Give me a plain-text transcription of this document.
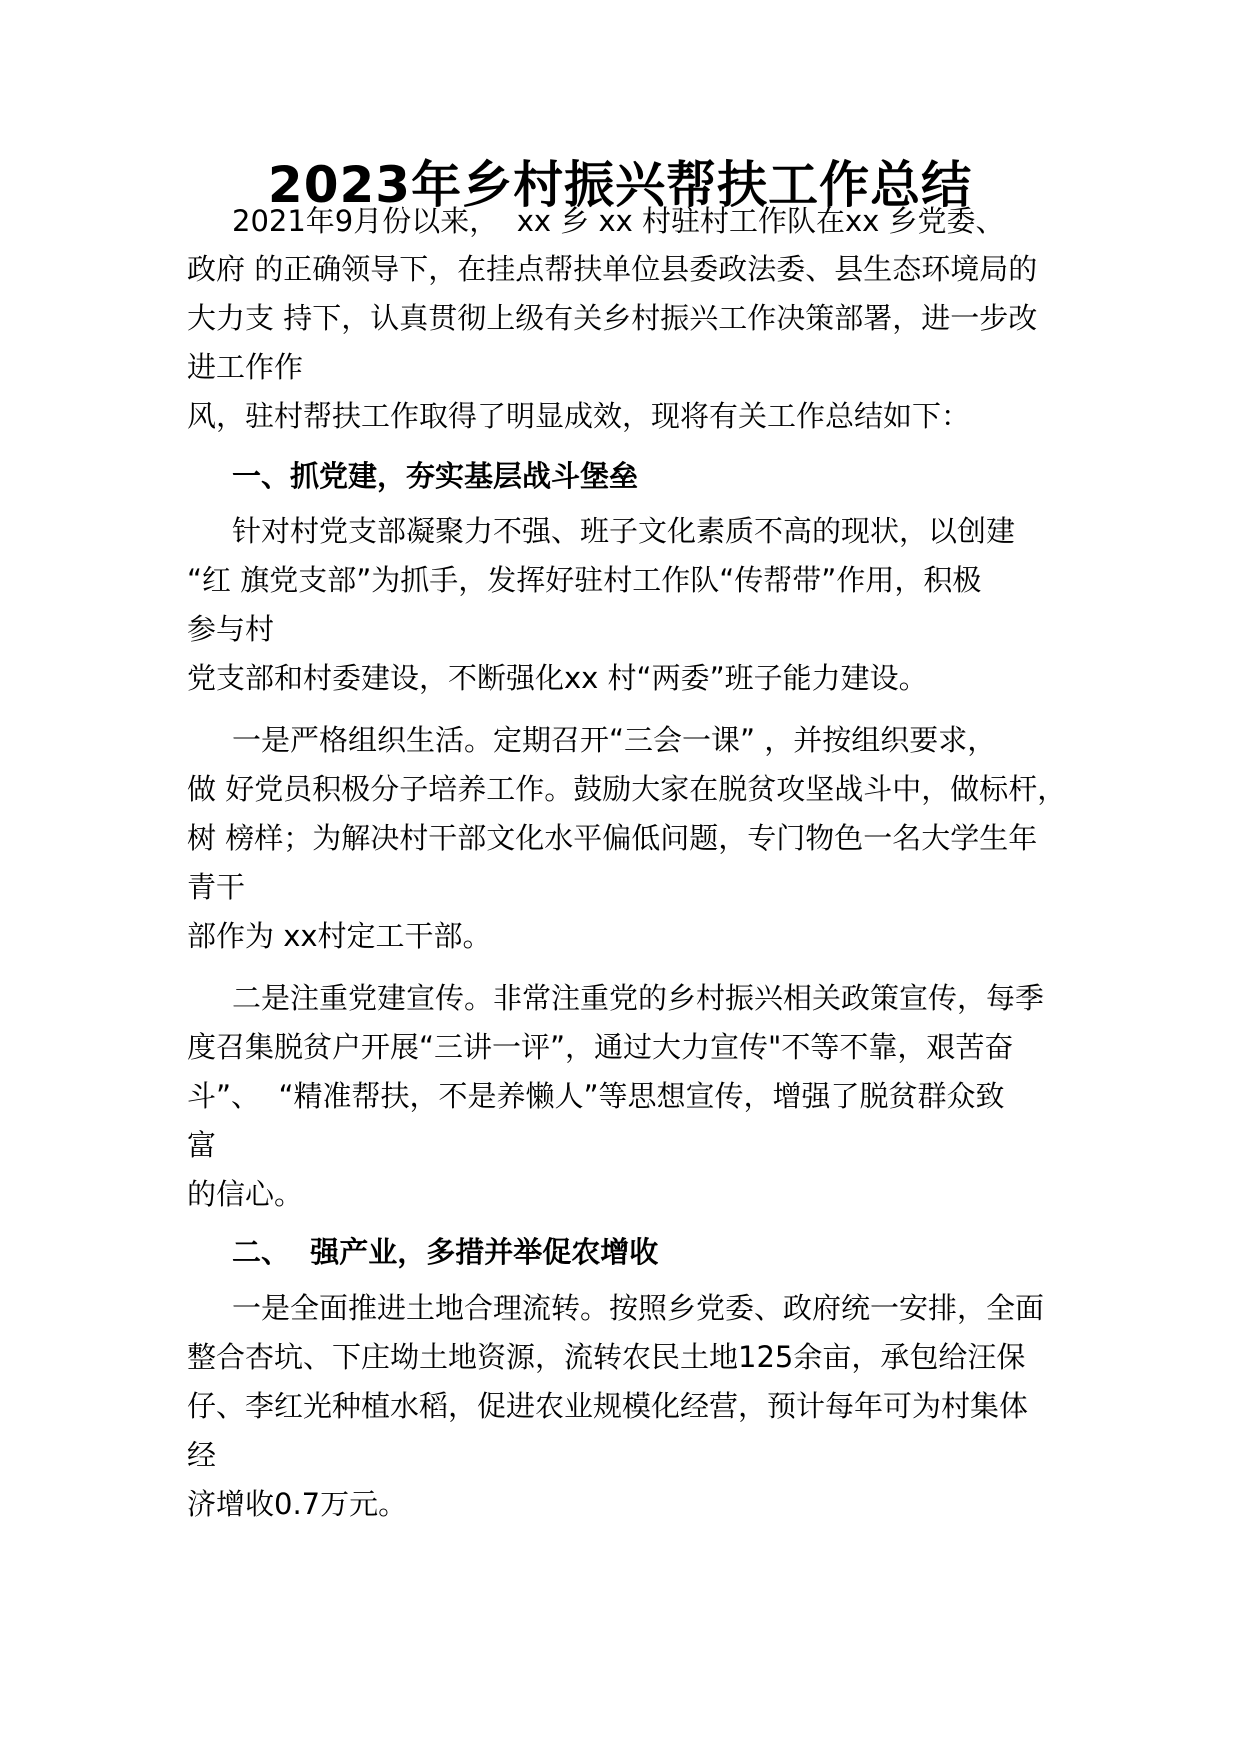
2023年乡村振兴帮扶工作总结
2021年9月份以来，  xx 乡 xx 村驻村工作队在xx 乡党委、
政府 的正确领导下，在挂点帮扶单位县委政法委、县生态环境局的
大力支 持下，认真贯彻上级有关乡村振兴工作决策部署，进一步改
进工作作
风，驻村帮扶工作取得了明显成效，现将有关工作总结如下：
一、抓党建，夯实基层战斗堡垒
针对村党支部凝聚力不强、班子文化素质不高的现状，以创建
“红 旗党支部”为抓手，发挥好驻村工作队“传帮带”作用，积极
参与村
党支部和村委建设，不断强化xx 村“两委”班子能力建设。
一是严格组织生活。定期召开“三会一课” ，并按组织要求，
做 好党员积极分子培养工作。鼓励大家在脱贫攻坚战斗中，做标杆，
树 榜样；为解决村干部文化水平偏低问题，专门物色一名大学生年
青干
部作为 xx村定工干部。
二是注重党建宣传。非常注重党的乡村振兴相关政策宣传，每季
度召集脱贫户开展“三讲一评”，通过大力宣传"不等不靠，艰苦奋
斗”、  “精准帮扶，不是养懒人”等思想宣传，增强了脱贫群众致
富
的信心。
二、  强产业，多措并举促农增收
一是全面推进土地合理流转。按照乡党委、政府统一安排，全面
整合杏坑、下庄坳土地资源，流转农民土地125余亩，承包给汪保
仔、李红光种植水稻，促进农业规模化经营，预计每年可为村集体
经
济增收0.7万元。
